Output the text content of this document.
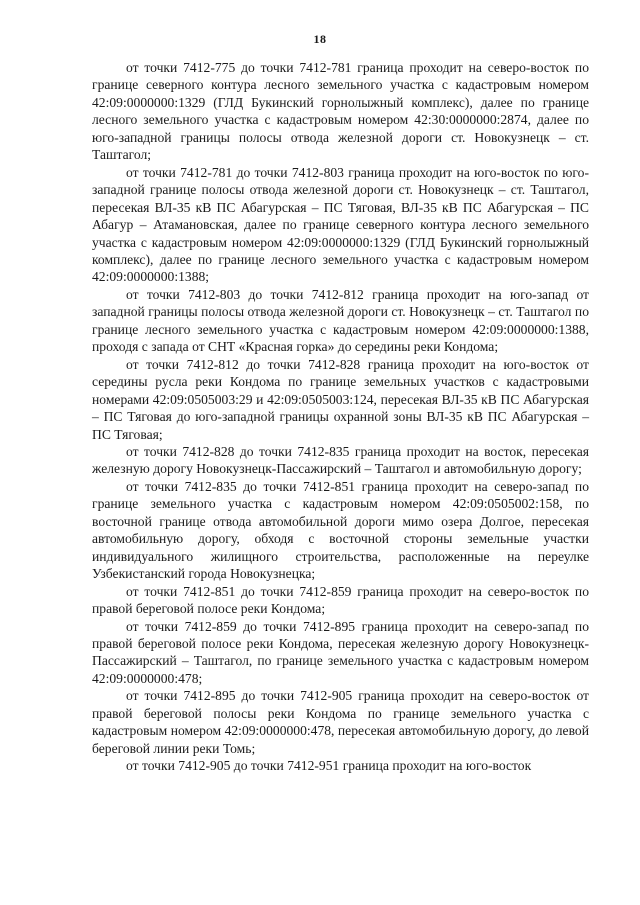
18

от точки 7412-775 до точки 7412-781 граница проходит на северо-восток по границе северного контура лесного земельного участка с кадастровым номером 42:09:0000000:1329 (ГЛД Букинский горнолыжный комплекс), далее по границе лесного земельного участка с кадастровым номером 42:30:0000000:2874, далее по юго-западной границы полосы отвода железной дороги ст. Новокузнецк – ст. Таштагол;

от точки 7412-781 до точки 7412-803 граница проходит на юго-восток по юго-западной границе полосы отвода железной дороги ст. Новокузнецк – ст. Таштагол, пересекая ВЛ-35 кВ ПС Абагурская – ПС Тяговая, ВЛ-35 кВ ПС Абагурская – ПС Абагур – Атамановская, далее по границе северного контура лесного земельного участка с кадастровым номером 42:09:0000000:1329 (ГЛД Букинский горнолыжный комплекс), далее по границе лесного земельного участка с кадастровым номером 42:09:0000000:1388;

от точки 7412-803 до точки 7412-812 граница проходит на юго-запад от западной границы полосы отвода железной дороги ст. Новокузнецк – ст. Таштагол по границе лесного земельного участка с кадастровым номером 42:09:0000000:1388, проходя с запада от СНТ «Красная горка» до середины реки Кондома;

от точки 7412-812 до точки 7412-828 граница проходит на юго-восток от середины русла реки Кондома по границе земельных участков с кадастровыми номерами 42:09:0505003:29 и 42:09:0505003:124, пересекая ВЛ-35 кВ ПС Абагурская – ПС Тяговая до юго-западной границы охранной зоны ВЛ-35 кВ ПС Абагурская – ПС Тяговая;

от точки 7412-828 до точки 7412-835 граница проходит на восток, пересекая железную дорогу Новокузнецк-Пассажирский – Таштагол и автомобильную дорогу;

от точки 7412-835 до точки 7412-851 граница проходит на северо-запад по границе земельного участка с кадастровым номером 42:09:0505002:158, по восточной границе отвода автомобильной дороги мимо озера Долгое, пересекая автомобильную дорогу, обходя с восточной стороны земельные участки индивидуального жилищного строительства, расположенные на переулке Узбекистанский города Новокузнецка;

от точки 7412-851 до точки 7412-859 граница проходит на северо-восток по правой береговой полосе реки Кондома;

от точки 7412-859 до точки 7412-895 граница проходит на северо-запад по правой береговой полосе реки Кондома, пересекая железную дорогу Новокузнецк-Пассажирский – Таштагол, по границе земельного участка с кадастровым номером 42:09:0000000:478;

от точки 7412-895 до точки 7412-905 граница проходит на северо-восток от правой береговой полосы реки Кондома по границе земельного участка с кадастровым номером 42:09:0000000:478, пересекая автомобильную дорогу, до левой береговой линии реки Томь;

от точки 7412-905 до точки 7412-951 граница проходит на юго-восток
